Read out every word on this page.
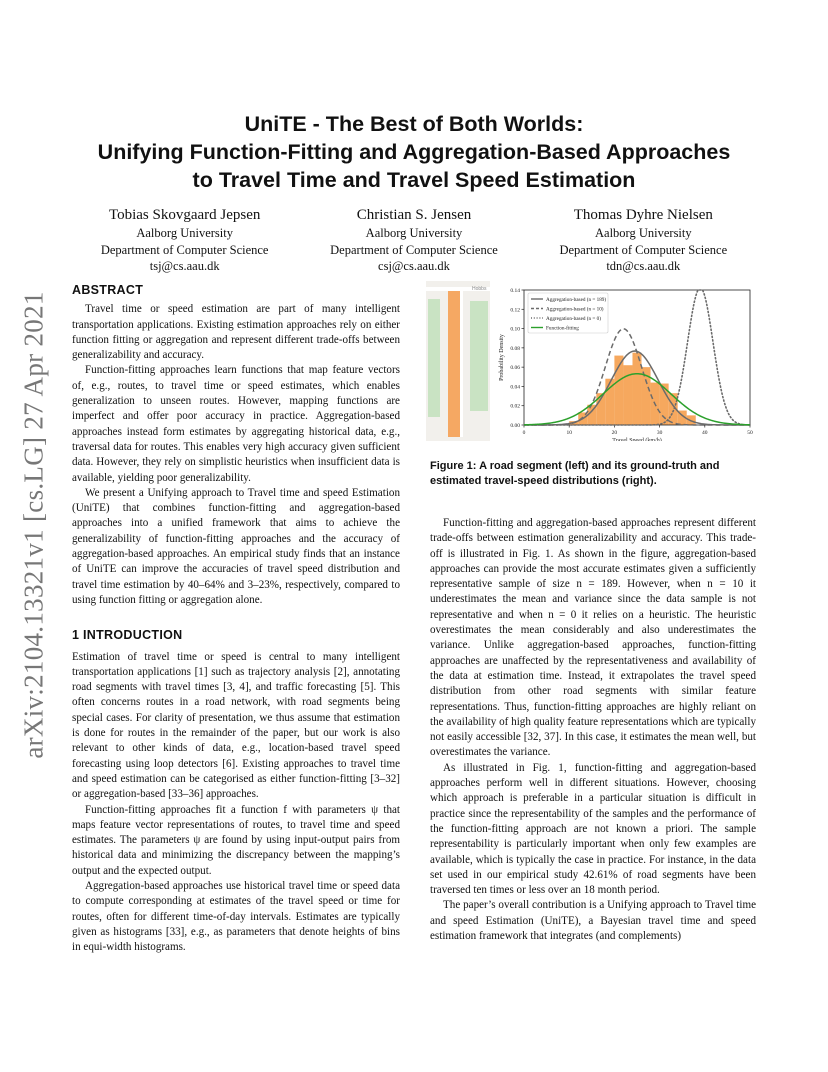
arXiv:2104.13321v1 [cs.LG] 27 Apr 2021
UniTE - The Best of Both Worlds:
Unifying Function-Fitting and Aggregation-Based Approaches
to Travel Time and Travel Speed Estimation
Tobias Skovgaard Jepsen
Aalborg University
Department of Computer Science
tsj@cs.aau.dk
Christian S. Jensen
Aalborg University
Department of Computer Science
csj@cs.aau.dk
Thomas Dyhre Nielsen
Aalborg University
Department of Computer Science
tdn@cs.aau.dk
ABSTRACT

Travel time or speed estimation are part of many intelligent transportation applications. Existing estimation approaches rely on either function fitting or aggregation and represent different trade-offs between generalizability and accuracy.

Function-fitting approaches learn functions that map feature vectors of, e.g., routes, to travel time or speed estimates, which enables generalization to unseen routes. However, mapping functions are imperfect and offer poor accuracy in practice. Aggregation-based approaches instead form estimates by aggregating historical data, e.g., traversal data for routes. This enables very high accuracy given sufficient data. However, they rely on simplistic heuristics when insufficient data is available, yielding poor generalizability.

We present a Unifying approach to Travel time and speed Estimation (UniTE) that combines function-fitting and aggregation-based approaches into a unified framework that aims to achieve the generalizability of function-fitting approaches and the accuracy of aggregation-based approaches. An empirical study finds that an instance of UniTE can improve the accuracies of travel speed distribution and travel time estimation by 40–64% and 3–23%, respectively, compared to using function fitting or aggregation alone.

1 INTRODUCTION

Estimation of travel time or speed is central to many intelligent transportation applications [1] such as trajectory analysis [2], annotating road segments with travel times [3, 4], and traffic forecasting [5]. This often concerns routes in a road network, with road segments being special cases. For clarity of presentation, we thus assume that estimation is done for routes in the remainder of the paper, but our work is also relevant to other kinds of data, e.g., location-based travel speed forecasting using loop detectors [6]. Existing approaches to travel time and speed estimation can be categorised as either function-fitting [3–32] or aggregation-based [33–36] approaches.

Function-fitting approaches fit a function f with parameters ψ that maps feature vector representations of routes, to travel time and speed estimates. The parameters ψ are found by using input-output pairs from historical data and minimizing the discrepancy between the mapping’s output and the expected output.

Aggregation-based approaches use historical travel time or speed data to compute corresponding at estimates of the travel speed or time for routes, often for different time-of-day intervals. Estimates are typically given as histograms [33], e.g., as parameters that denote heights of bins in equi-width histograms.

Hobbs
0	10	20	30	40	50
0.00
0.02
0.04
0.06
0.08
0.10
0.12
0.14
Travel Speed (km/h)
Probability Density
Aggregation-based (n = 189)
Aggregation-based (n = 10)
Aggregation-based (n = 0)
Function-fitting
Figure 1: A road segment (left) and its ground-truth and estimated travel-speed distributions (right).

Function-fitting and aggregation-based approaches represent different trade-offs between estimation generalizability and accuracy. This trade-off is illustrated in Fig. 1. As shown in the figure, aggregation-based approaches can provide the most accurate estimates given a sufficiently representative sample of size n = 189. However, when n = 10 it underestimates the mean and variance since the data sample is not representative and when n = 0 it relies on a heuristic. The heuristic overestimates the mean considerably and also underestimates the variance. Unlike aggregation-based approaches, function-fitting approaches are unaffected by the representativeness and availability of the data at estimation time. Instead, it extrapolates the travel speed distribution from other road segments with similar feature representations. Thus, function-fitting approaches are highly reliant on the availability of high quality feature representations which are typically not easily accessible [32, 37]. In this case, it estimates the mean well, but overestimates the variance.

As illustrated in Fig. 1, function-fitting and aggregation-based approaches perform well in different situations. However, choosing which approach is preferable in a particular situation is difficult in practice since the representability of the samples and the performance of the function-fitting approach are not known a priori. The sample representability is particularly important when only few examples are available, which is typically the case in practice. For instance, in the data set used in our empirical study 42.61% of road segments have been traversed ten times or less over an 18 month period.

The paper’s overall contribution is a Unifying approach to Travel time and speed Estimation (UniTE), a Bayesian travel time and speed estimation framework that integrates (and complements)
